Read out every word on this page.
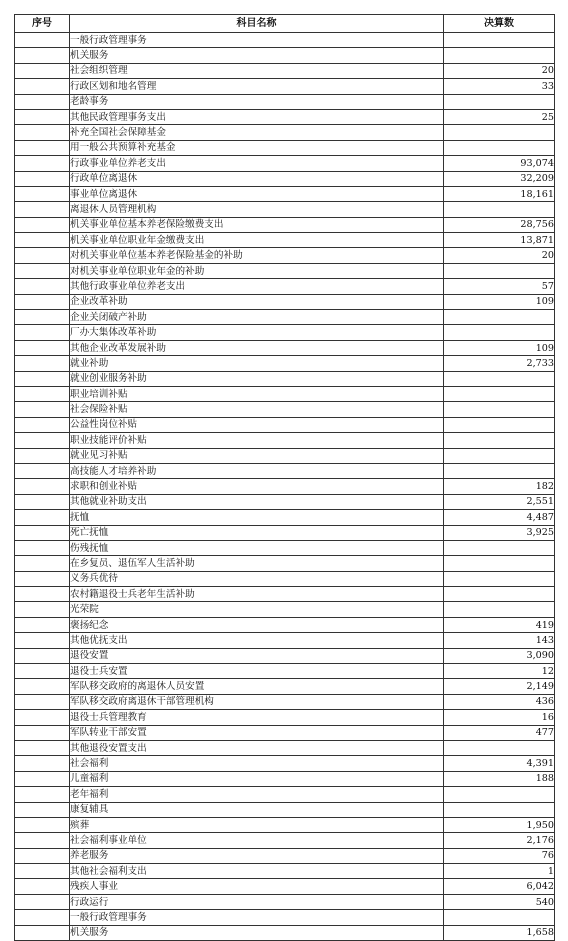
序号	科目名称	决算数
	一般行政管理事务	
	机关服务	
	社会组织管理	20
	行政区划和地名管理	33
	老龄事务	
	其他民政管理事务支出	25
	补充全国社会保障基金	
	用一般公共预算补充基金	
	行政事业单位养老支出	93,074
	行政单位离退休	32,209
	事业单位离退休	18,161
	离退休人员管理机构	
	机关事业单位基本养老保险缴费支出	28,756
	机关事业单位职业年金缴费支出	13,871
	对机关事业单位基本养老保险基金的补助	20
	对机关事业单位职业年金的补助	
	其他行政事业单位养老支出	57
	企业改革补助	109
	企业关闭破产补助	
	厂办大集体改革补助	
	其他企业改革发展补助	109
	就业补助	2,733
	就业创业服务补助	
	职业培训补贴	
	社会保险补贴	
	公益性岗位补贴	
	职业技能评价补贴	
	就业见习补贴	
	高技能人才培养补助	
	求职和创业补贴	182
	其他就业补助支出	2,551
	抚恤	4,487
	死亡抚恤	3,925
	伤残抚恤	
	在乡复员、退伍军人生活补助	
	义务兵优待	
	农村籍退役士兵老年生活补助	
	光荣院	
	褒扬纪念	419
	其他优抚支出	143
	退役安置	3,090
	退役士兵安置	12
	军队移交政府的离退休人员安置	2,149
	军队移交政府离退休干部管理机构	436
	退役士兵管理教育	16
	军队转业干部安置	477
	其他退役安置支出	
	社会福利	4,391
	儿童福利	188
	老年福利	
	康复辅具	
	殡葬	1,950
	社会福利事业单位	2,176
	养老服务	76
	其他社会福利支出	1
	残疾人事业	6,042
	行政运行	540
	一般行政管理事务	
	机关服务	1,658
